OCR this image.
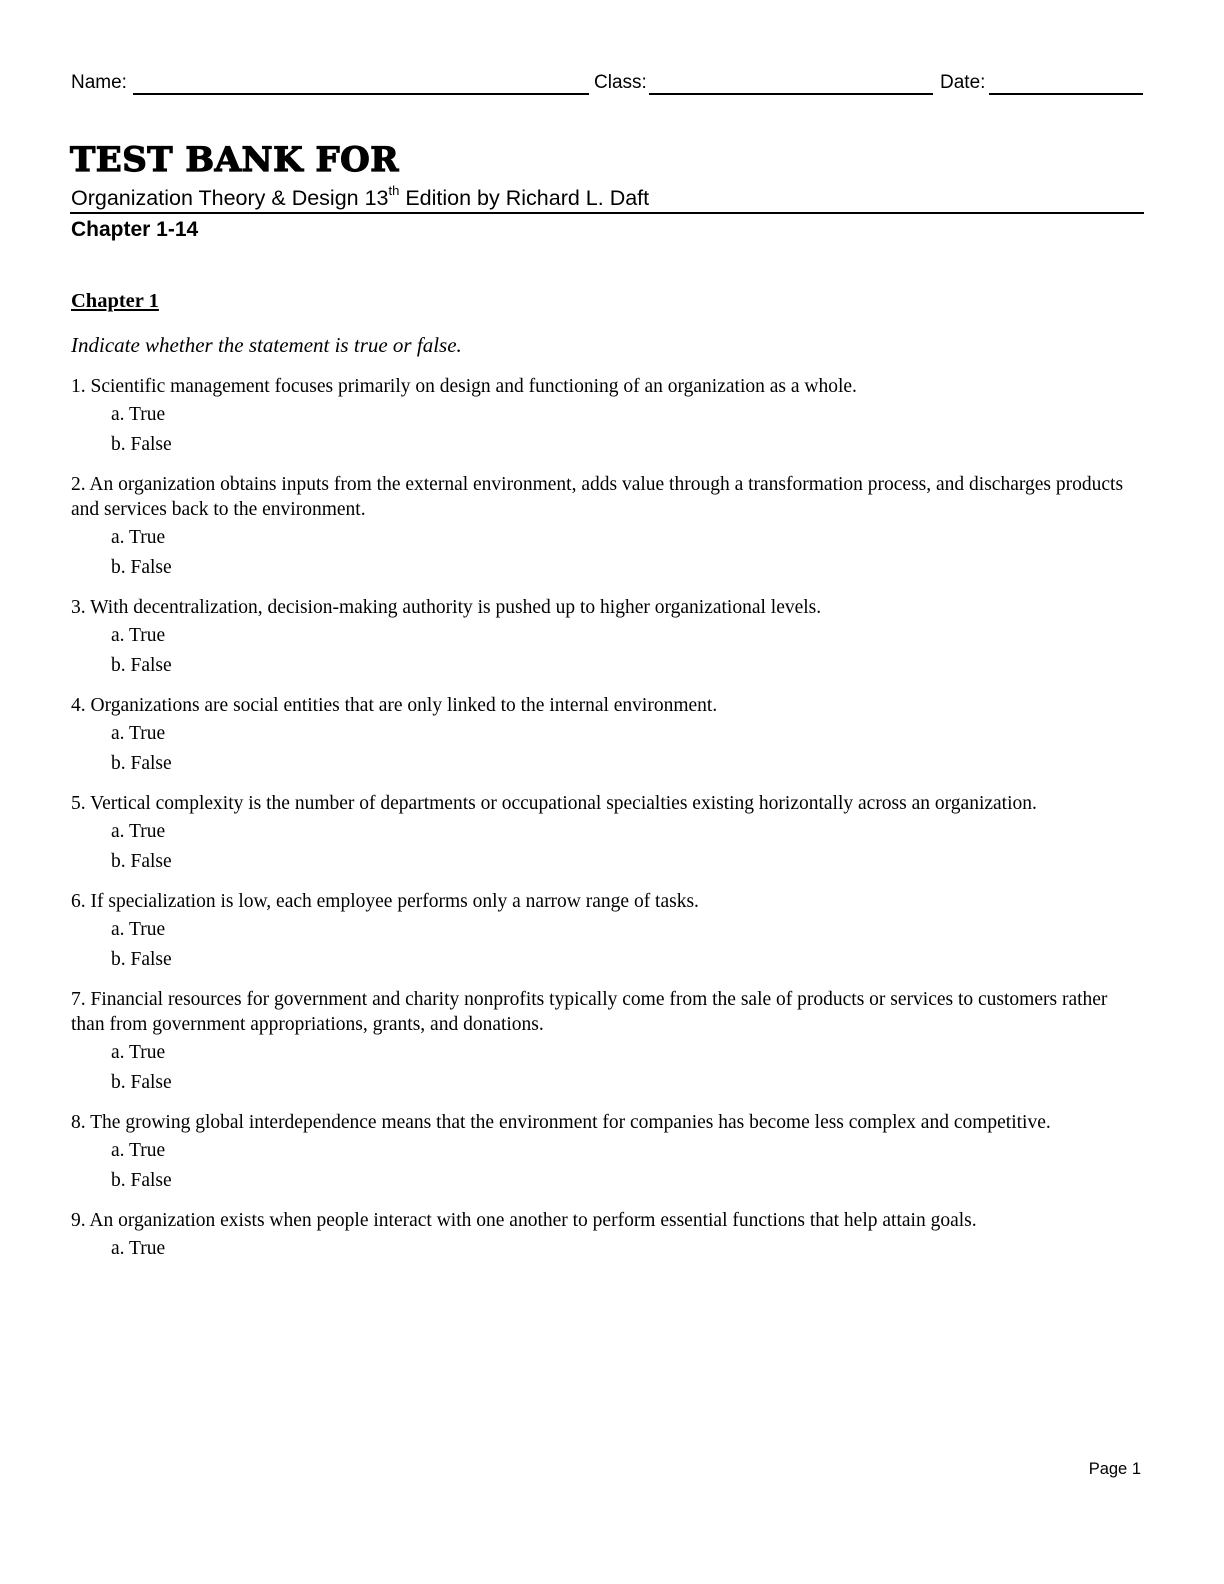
Name:	Class:	Date:
TEST BANK FOR
Organization Theory & Design 13th Edition by Richard L. Daft
Chapter 1-14
Chapter 1

Indicate whether the statement is true or false.

1. Scientific management focuses primarily on design and functioning of an organization as a whole.

a. True
b. False

2. An organization obtains inputs from the external environment, adds value through a transformation process, and discharges products and services back to the environment.

a. True
b. False

3. With decentralization, decision-making authority is pushed up to higher organizational levels.

a. True
b. False

4. Organizations are social entities that are only linked to the internal environment.

a. True
b. False

5. Vertical complexity is the number of departments or occupational specialties existing horizontally across an organization.

a. True
b. False

6. If specialization is low, each employee performs only a narrow range of tasks.

a. True
b. False

7. Financial resources for government and charity nonprofits typically come from the sale of products or services to customers rather than from government appropriations, grants, and donations.

a. True
b. False

8. The growing global interdependence means that the environment for companies has become less complex and competitive.

a. True
b. False

9. An organization exists when people interact with one another to perform essential functions that help attain goals.

a. True
Page 1
